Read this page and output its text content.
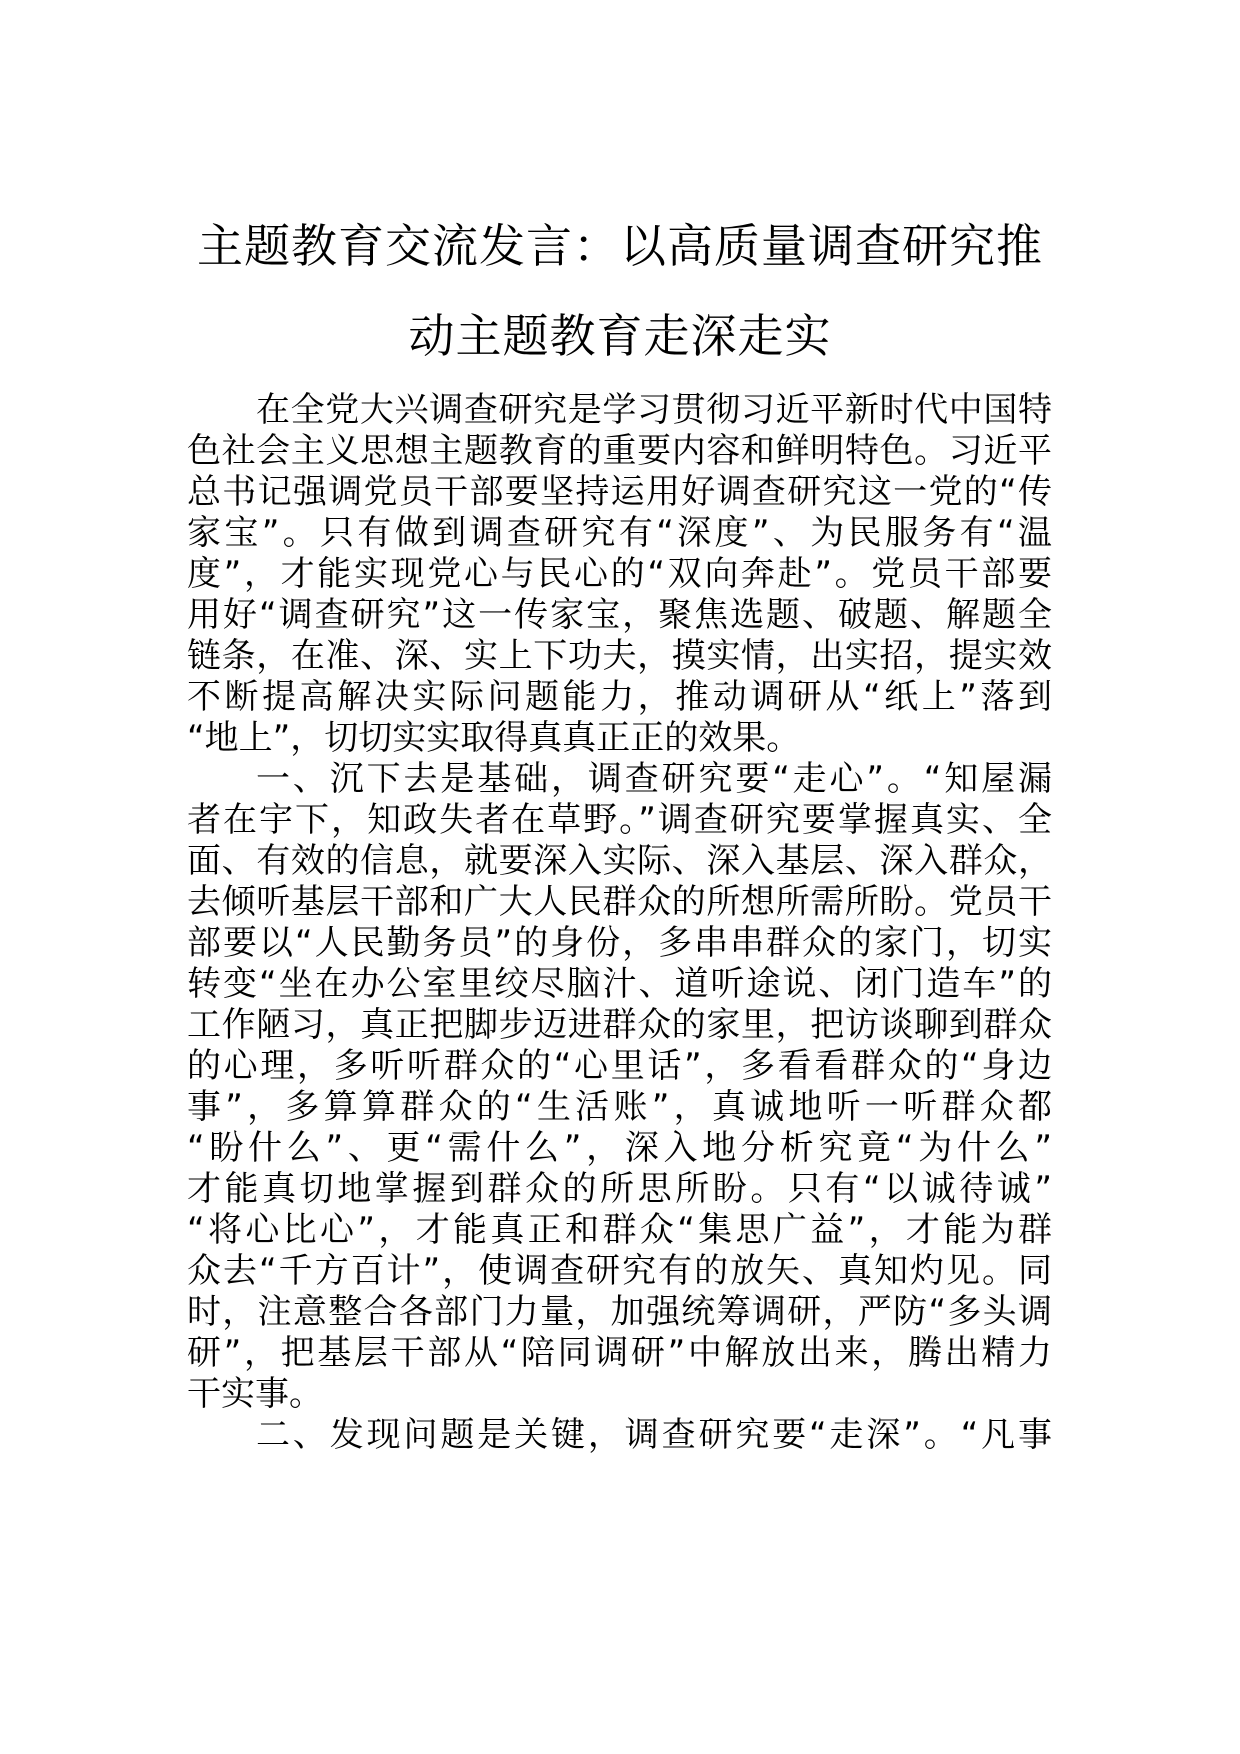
主题教育交流发言：以高质量调查研究推
动主题教育走深走实
在全党大兴调查研究是学习贯彻习近平新时代中国特
色社会主义思想主题教育的重要内容和鲜明特色。习近平
总书记强调党员干部要坚持运用好调查研究这一党的“传
家宝”。只有做到调查研究有“深度”、为民服务有“温
度”，才能实现党心与民心的“双向奔赴”。党员干部要
用好“调查研究”这一传家宝，聚焦选题、破题、解题全
链条，在准、深、实上下功夫，摸实情，出实招，提实效
不断提高解决实际问题能力，推动调研从“纸上”落到
“地上”，切切实实取得真真正正的效果。
一、沉下去是基础，调查研究要“走心”。“知屋漏
者在宇下，知政失者在草野。”调查研究要掌握真实、全
面、有效的信息，就要深入实际、深入基层、深入群众，
去倾听基层干部和广大人民群众的所想所需所盼。党员干
部要以“人民勤务员”的身份，多串串群众的家门，切实
转变“坐在办公室里绞尽脑汁、道听途说、闭门造车”的
工作陋习，真正把脚步迈进群众的家里，把访谈聊到群众
的心理，多听听群众的“心里话”，多看看群众的“身边
事”，多算算群众的“生活账”，真诚地听一听群众都
“盼什么”、更“需什么”，深入地分析究竟“为什么”
才能真切地掌握到群众的所思所盼。只有“以诚待诚”
“将心比心”，才能真正和群众“集思广益”，才能为群
众去“千方百计”，使调查研究有的放矢、真知灼见。同
时，注意整合各部门力量，加强统筹调研，严防“多头调
研”，把基层干部从“陪同调研”中解放出来，腾出精力
干实事。
二、发现问题是关键，调查研究要“走深”。“凡事
